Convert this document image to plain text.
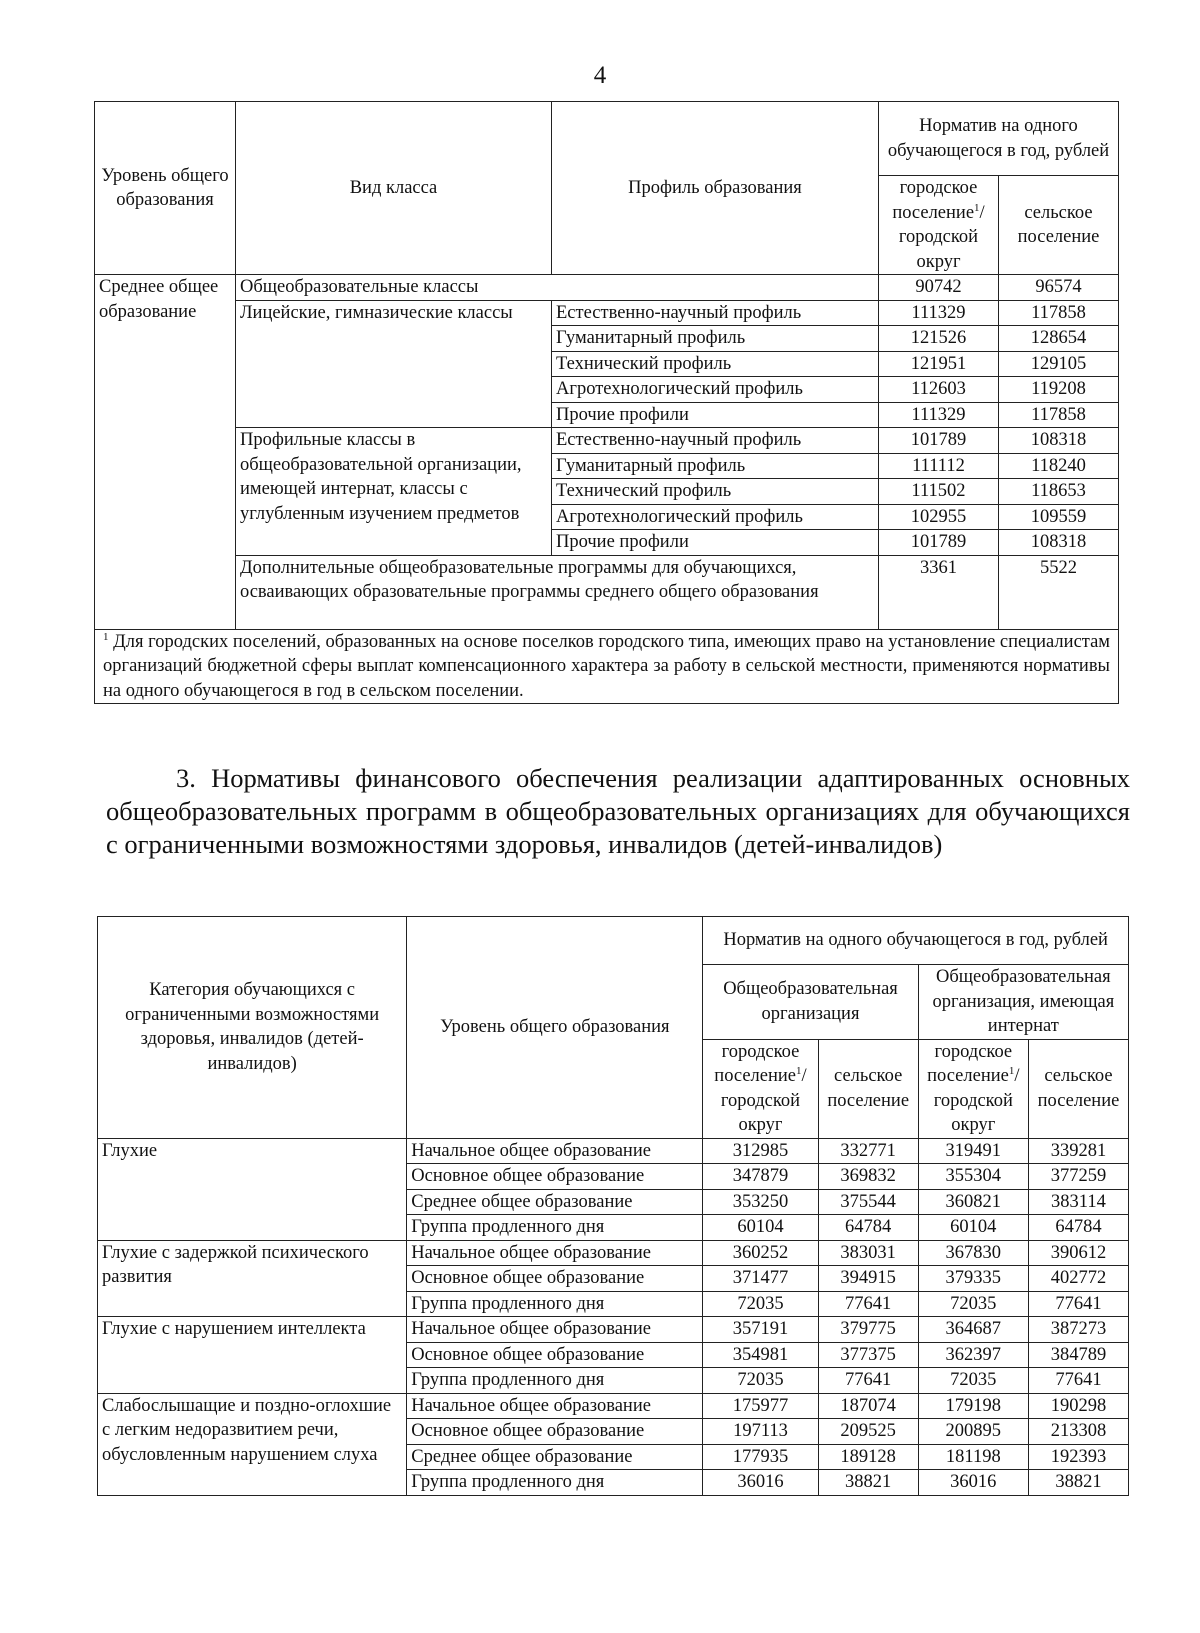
4
Уровень общего образования	Вид класса	Профиль образования	Норматив на одного обучающегося в год, рублей	
			городское поселение$^1$/ городской округ	сельское поселение
Среднее общее образование	Общеобразовательные классы		90742	96574
	Лицейские, гимназические классы	Естественно-научный профиль	111329	117858
		Гуманитарный профиль	121526	128654
		Технический профиль	121951	129105
		Агротехнологический профиль	112603	119208
		Прочие профили	111329	117858
	Профильные классы в общеобразовательной организации, имеющей интернат, классы с углубленным изучением предметов	Естественно-научный профиль	101789	108318
		Гуманитарный профиль	111112	118240
		Технический профиль	111502	118653
		Агротехнологический профиль	102955	109559
		Прочие профили	101789	108318
	Дополнительные общеобразовательные программы для обучающихся, осваивающих образовательные программы среднего общего образования		3361	5522
$^1$ Для городских поселений, образованных на основе поселков городского типа, имеющих право на установление специалистам организаций бюджетной сферы выплат компенсационного характера за работу в сельской местности, применяются нормативы на одного обучающегося в год в сельском поселении.				
3. Нормативы финансового обеспечения реализации адаптированных основных общеобразовательных программ в общеобразовательных организациях для обучающихся с ограниченными возможностями здоровья, инвалидов (детей-инвалидов)
Категория обучающихся с ограниченными возможностями здоровья, инвалидов (детей-инвалидов)	Уровень общего образования	Норматив на одного обучающегося в год, рублей			
		Общеобразовательная организация		Общеобразовательная организация, имеющая интернат	
		городское поселение$^1$/ городской округ	сельское поселение	городское поселение$^1$/ городской округ	сельское поселение
Глухие	Начальное общее образование	312985	332771	319491	339281
	Основное общее образование	347879	369832	355304	377259
	Среднее общее образование	353250	375544	360821	383114
	Группа продленного дня	60104	64784	60104	64784
Глухие с задержкой психического развития	Начальное общее образование	360252	383031	367830	390612
	Основное общее образование	371477	394915	379335	402772
	Группа продленного дня	72035	77641	72035	77641
Глухие с нарушением интеллекта	Начальное общее образование	357191	379775	364687	387273
	Основное общее образование	354981	377375	362397	384789
	Группа продленного дня	72035	77641	72035	77641
Слабослышащие и поздно-оглохшие с легким недоразвитием речи, обусловленным нарушением слуха	Начальное общее образование	175977	187074	179198	190298
	Основное общее образование	197113	209525	200895	213308
	Среднее общее образование	177935	189128	181198	192393
	Группа продленного дня	36016	38821	36016	38821
